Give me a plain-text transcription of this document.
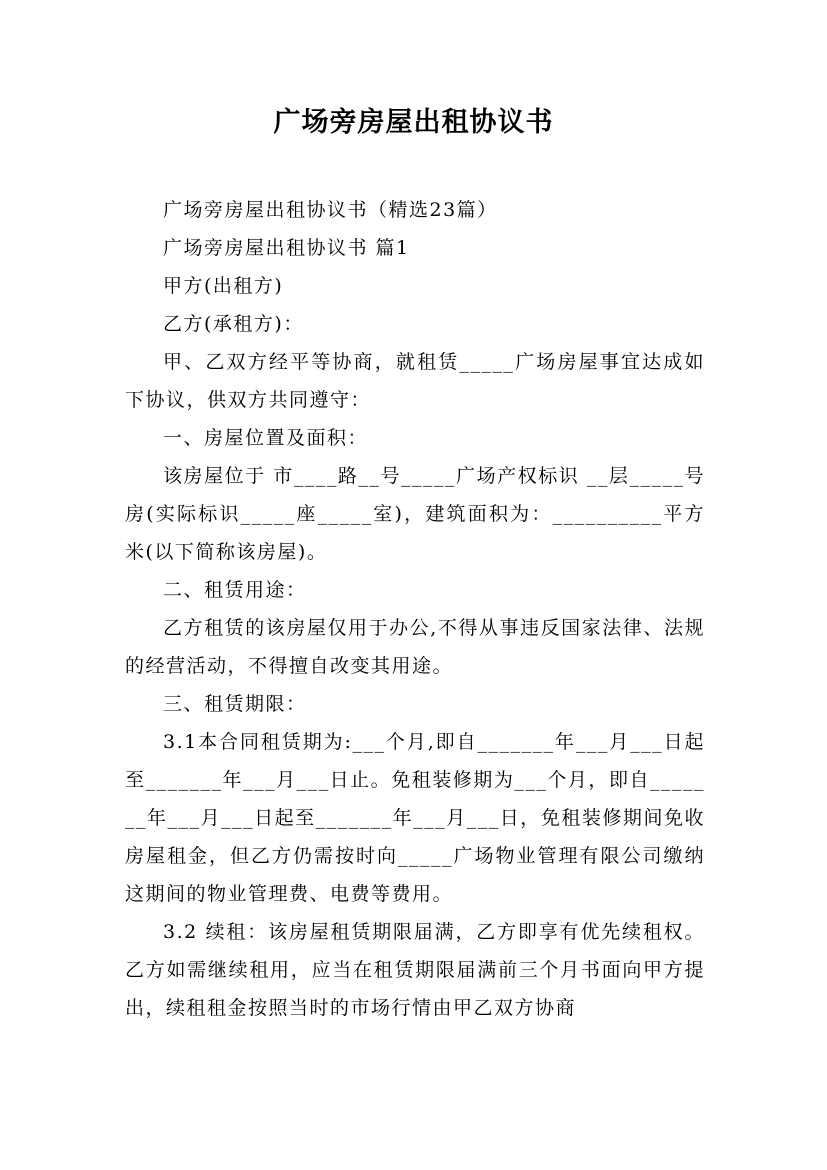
广场旁房屋出租协议书

广场旁房屋出租协议书（精选23篇）

广场旁房屋出租协议书 篇1

甲方(出租方)

乙方(承租方)：

甲、乙双方经平等协商，就租赁_____广场房屋事宜达成如下协议，供双方共同遵守：

一、房屋位置及面积：

该房屋位于 市____路__号_____广场产权标识 __层_____号房(实际标识_____座_____室)，建筑面积为：__________平方米(以下简称该房屋)。

二、租赁用途：

乙方租赁的该房屋仅用于办公,不得从事违反国家法律、法规的经营活动，不得擅自改变其用途。

三、租赁期限：

3.1本合同租赁期为:___个月,即自_______年___月___日起至_______年___月___日止。免租装修期为___个月，即自_______年___月___日起至_______年___月___日，免租装修期间免收房屋租金，但乙方仍需按时向_____广场物业管理有限公司缴纳这期间的物业管理费、电费等费用。

3.2 续租：该房屋租赁期限届满，乙方即享有优先续租权。乙方如需继续租用，应当在租赁期限届满前三个月书面向甲方提出，续租租金按照当时的市场行情由甲乙双方协商
